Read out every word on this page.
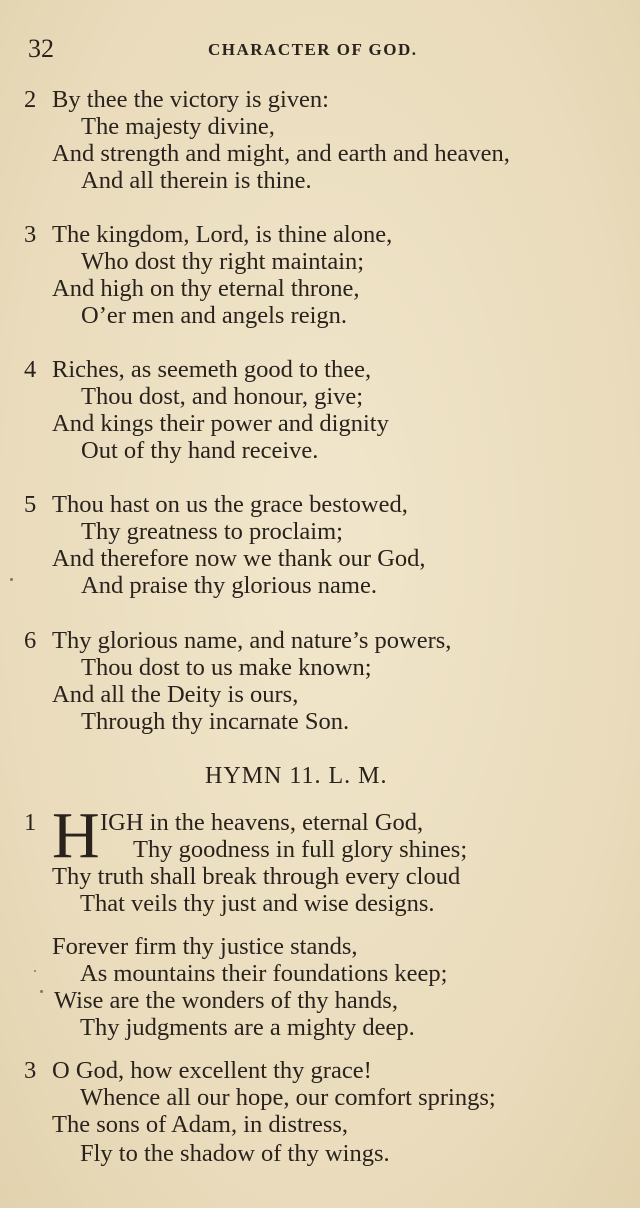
32	CHARACTER OF GOD.
2 By thee the victory is given:
The majesty divine,
And strength and might, and earth and heaven,
And all therein is thine.
3 The kingdom, Lord, is thine alone,
Who dost thy right maintain;
And high on thy eternal throne,
O’er men and angels reign.
4 Riches, as seemeth good to thee,
Thou dost, and honour, give;
And kings their power and dignity
Out of thy hand receive.
5 Thou hast on us the grace bestowed,
Thy greatness to proclaim;
And therefore now we thank our God,
And praise thy glorious name.
6 Thy glorious name, and nature’s powers,
Thou dost to us make known;
And all the Deity is ours,
Through thy incarnate Son.
HYMN 11. L. M.
1 H IGH in the heavens, eternal God,
Thy goodness in full glory shines;
Thy truth shall break through every cloud
That veils thy just and wise designs.
Forever firm thy justice stands,
As mountains their foundations keep;
Wise are the wonders of thy hands,
Thy judgments are a mighty deep.
3 O God, how excellent thy grace!
Whence all our hope, our comfort springs;
The sons of Adam, in distress,
Fly to the shadow of thy wings.
